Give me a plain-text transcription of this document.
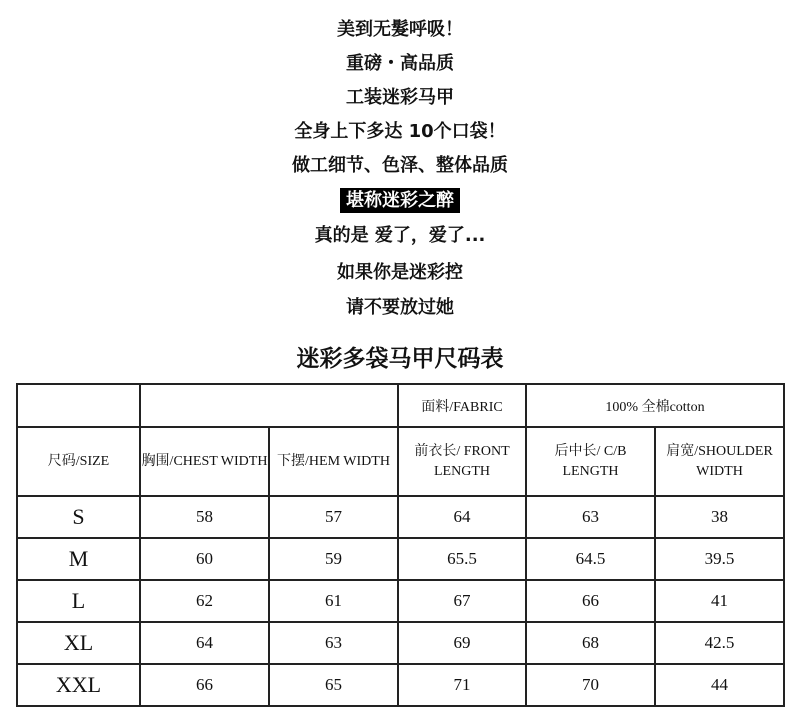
美到无髮呼吸！
重磅・高品质
工装迷彩马甲
全身上下多达 10个口袋！
做工细节、色泽、整体品质
堪称迷彩之醉
真的是 爱了，爱了...
如果你是迷彩控
请不要放过她
迷彩多袋马甲尺码表
			面料/FABRIC	100% 全棉cotton	
尺码/SIZE	胸围/CHEST WIDTH	下摆/HEM WIDTH	前衣长/ FRONT LENGTH	后中长/ C/B LENGTH	肩宽/SHOULDER WIDTH
S	58	57	64	63	38
M	60	59	65.5	64.5	39.5
L	62	61	67	66	41
XL	64	63	69	68	42.5
XXL	66	65	71	70	44
